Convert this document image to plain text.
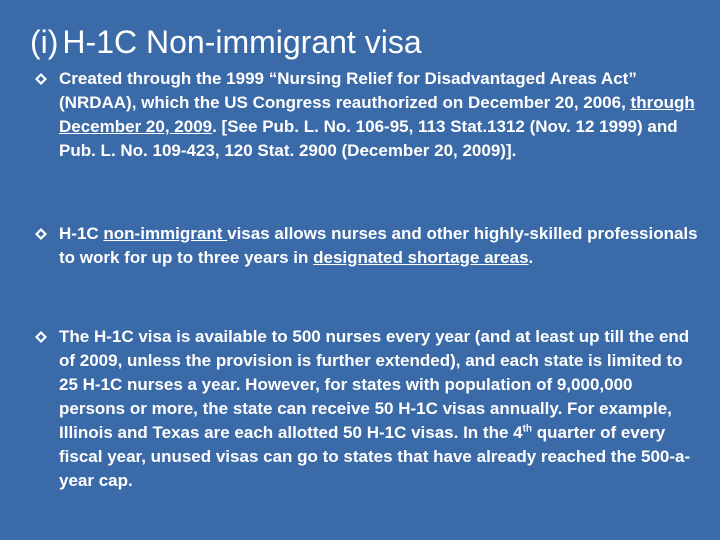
(i) H-1C Non-immigrant visa
Created through the 1999 “Nursing Relief for Disadvantaged Areas Act” (NRDAA), which the US Congress reauthorized on December 20, 2006, through December 20, 2009. [See Pub. L. No. 106-95, 113 Stat.1312 (Nov. 12 1999) and Pub. L. No. 109-423, 120 Stat. 2900 (December 20, 2009)].
H-1C non-immigrant visas allows nurses and other highly-skilled professionals to work for up to three years in designated shortage areas.
The H-1C visa is available to 500 nurses every year (and at least up till the end of 2009, unless the provision is further extended), and each state is limited to 25 H-1C nurses a year. However, for states with population of 9,000,000 persons or more, the state can receive 50 H-1C visas annually. For example, Illinois and Texas are each allotted 50 H-1C visas. In the 4th quarter of every fiscal year, unused visas can go to states that have already reached the 500-a-year cap.
